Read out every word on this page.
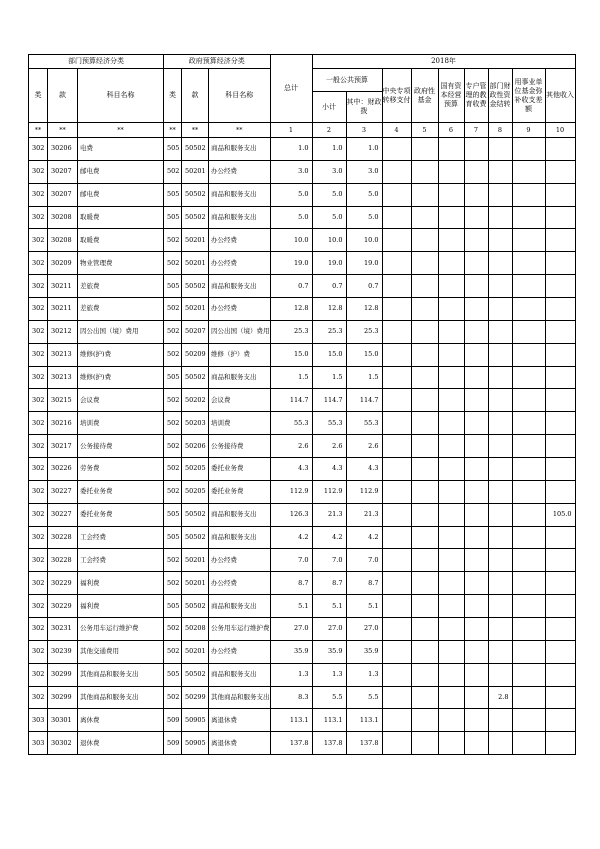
部门预算经济分类			政府预算经济分类			总计	2018年								
类	款	科目名称	类	款	科目名称		一般公共预算		中央专项转移支付	政府性基金	国有资本经营预算	专户管理的教育收费	部门财政性资金结转	用事业单位基金弥补收支差额	其他收入
							小计	其中：财政拨							
**	**	**	**	**	**	1	2	3	4	5	6	7	8	9	10
302	30206	电费	505	50502	商品和服务支出	1.0	1.0	1.0							
302	30207	邮电费	502	50201	办公经费	3.0	3.0	3.0							
302	30207	邮电费	505	50502	商品和服务支出	5.0	5.0	5.0							
302	30208	取暖费	505	50502	商品和服务支出	5.0	5.0	5.0							
302	30208	取暖费	502	50201	办公经费	10.0	10.0	10.0							
302	30209	物业管理费	502	50201	办公经费	19.0	19.0	19.0							
302	30211	差旅费	505	50502	商品和服务支出	0.7	0.7	0.7							
302	30211	差旅费	502	50201	办公经费	12.8	12.8	12.8							
302	30212	因公出国（境）费用	502	50207	因公出国（境）费用	25.3	25.3	25.3							
302	30213	维修(护)费	502	50209	维修（护）费	15.0	15.0	15.0							
302	30213	维修(护)费	505	50502	商品和服务支出	1.5	1.5	1.5							
302	30215	会议费	502	50202	会议费	114.7	114.7	114.7							
302	30216	培训费	502	50203	培训费	55.3	55.3	55.3							
302	30217	公务接待费	502	50206	公务接待费	2.6	2.6	2.6							
302	30226	劳务费	502	50205	委托业务费	4.3	4.3	4.3							
302	30227	委托业务费	502	50205	委托业务费	112.9	112.9	112.9							
302	30227	委托业务费	505	50502	商品和服务支出	126.3	21.3	21.3							105.0
302	30228	工会经费	505	50502	商品和服务支出	4.2	4.2	4.2							
302	30228	工会经费	502	50201	办公经费	7.0	7.0	7.0							
302	30229	福利费	502	50201	办公经费	8.7	8.7	8.7							
302	30229	福利费	505	50502	商品和服务支出	5.1	5.1	5.1							
302	30231	公务用车运行维护费	502	50208	公务用车运行维护费	27.0	27.0	27.0							
302	30239	其他交通费用	502	50201	办公经费	35.9	35.9	35.9							
302	30299	其他商品和服务支出	505	50502	商品和服务支出	1.3	1.3	1.3							
302	30299	其他商品和服务支出	502	50299	其他商品和服务支出	8.3	5.5	5.5					2.8		
303	30301	离休费	509	50905	离退休费	113.1	113.1	113.1							
303	30302	退休费	509	50905	离退休费	137.8	137.8	137.8							
